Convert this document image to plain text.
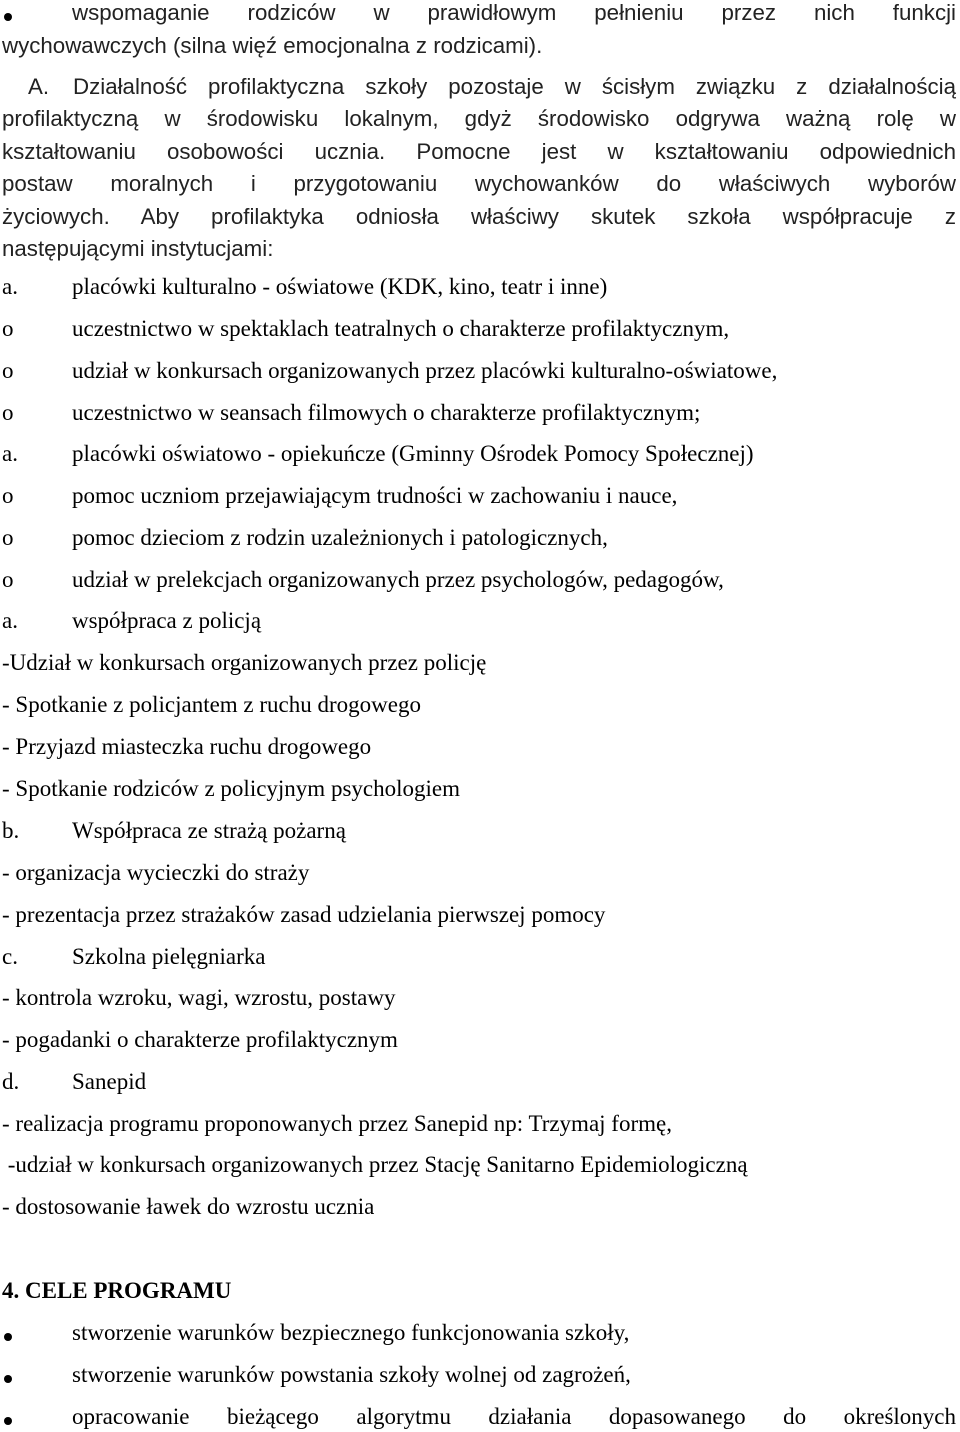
wspomaganie rodziców w prawidłowym pełnieniu przez nich funkcji
wychowawczych (silna więź emocjonalna z rodzicami).
A. Działalność profilaktyczna szkoły pozostaje w ścisłym związku z działalnością
profilaktyczną w środowisku lokalnym, gdyż środowisko odgrywa ważną rolę w
kształtowaniu osobowości ucznia. Pomocne jest w kształtowaniu odpowiednich
postaw moralnych i przygotowaniu wychowanków do właściwych wyborów
życiowych. Aby profilaktyka odniosła właściwy skutek szkoła współpracuje z
następującymi instytucjami:
a. placówki kulturalno - oświatowe (KDK, kino, teatr i inne)
o	uczestnictwo w spektaklach teatralnych o charakterze profilaktycznym,
o	udział w konkursach organizowanych przez placówki kulturalno-oświatowe,
o	uczestnictwo w seansach filmowych o charakterze profilaktycznym;
a. placówki oświatowo - opiekuńcze (Gminny Ośrodek Pomocy Społecznej)
o	pomoc uczniom przejawiającym trudności w zachowaniu i nauce,
o	pomoc dzieciom z rodzin uzależnionych i patologicznych,
o	udział w prelekcjach organizowanych przez psychologów, pedagogów,
a. współpraca z policją
-Udział w konkursach organizowanych przez policję
- Spotkanie z policjantem z ruchu drogowego
- Przyjazd miasteczka ruchu drogowego
- Spotkanie rodziców z policyjnym psychologiem
b. Współpraca ze strażą pożarną
- organizacja wycieczki do straży
- prezentacja przez strażaków zasad udzielania pierwszej pomocy
c. Szkolna pielęgniarka
- kontrola wzroku, wagi, wzrostu, postawy
- pogadanki o charakterze profilaktycznym
d. Sanepid
- realizacja programu proponowanych przez Sanepid np: Trzymaj formę,
-udział w konkursach organizowanych przez Stację Sanitarno Epidemiologiczną
- dostosowanie ławek do wzrostu ucznia
4. CELE PROGRAMU
stworzenie warunków bezpiecznego funkcjonowania szkoły,
stworzenie warunków powstania szkoły wolnej od zagrożeń,
opracowanie bieżącego algorytmu działania dopasowanego do określonych
